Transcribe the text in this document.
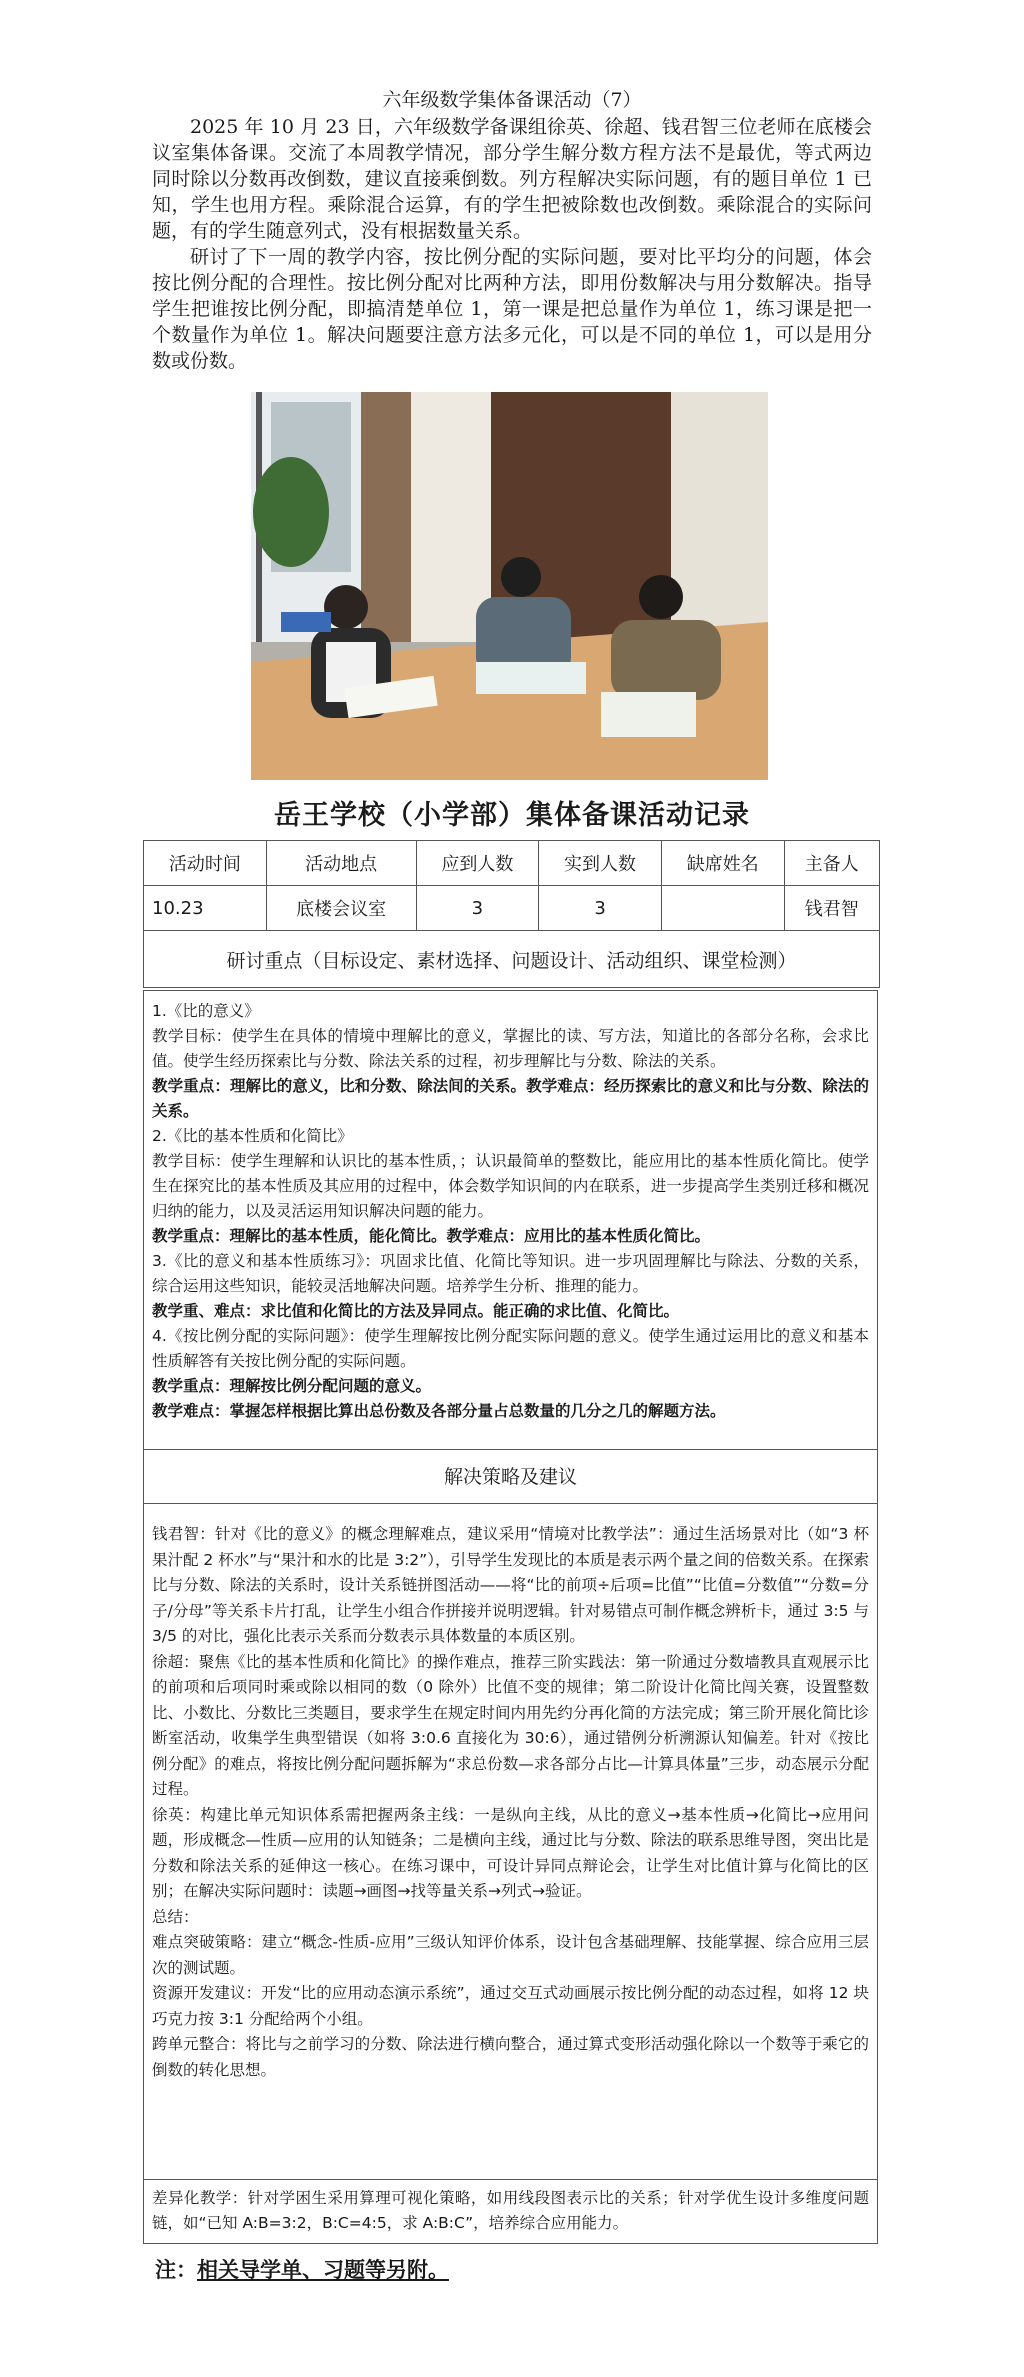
六年级数学集体备课活动（7）

2025 年 10 月 23 日，六年级数学备课组徐英、徐超、钱君智三位老师在底楼会议室集体备课。交流了本周教学情况，部分学生解分数方程方法不是最优，等式两边同时除以分数再改倒数，建议直接乘倒数。列方程解决实际问题，有的题目单位 1 已知，学生也用方程。乘除混合运算，有的学生把被除数也改倒数。乘除混合的实际问题，有的学生随意列式，没有根据数量关系。

研讨了下一周的教学内容，按比例分配的实际问题，要对比平均分的问题，体会按比例分配的合理性。按比例分配对比两种方法，即用份数解决与用分数解决。指导学生把谁按比例分配，即搞清楚单位 1，第一课是把总量作为单位 1，练习课是把一个数量作为单位 1。解决问题要注意方法多元化，可以是不同的单位 1，可以是用分数或份数。

岳王学校（小学部）集体备课活动记录
活动时间	活动地点	应到人数	实到人数	缺席姓名	主备人
10.23	底楼会议室	3	3		钱君智
研讨重点（目标设定、素材选择、问题设计、活动组织、课堂检测）					

1.《比的意义》

教学目标：使学生在具体的情境中理解比的意义，掌握比的读、写方法，知道比的各部分名称，会求比值。使学生经历探索比与分数、除法关系的过程，初步理解比与分数、除法的关系。

教学重点：理解比的意义，比和分数、除法间的关系。教学难点：经历探索比的意义和比与分数、除法的关系。

2.《比的基本性质和化简比》

教学目标：使学生理解和认识比的基本性质，；认识最简单的整数比，能应用比的基本性质化简比。使学生在探究比的基本性质及其应用的过程中，体会数学知识间的内在联系，进一步提高学生类别迁移和概况归纳的能力，以及灵活运用知识解决问题的能力。

教学重点：理解比的基本性质，能化简比。教学难点：应用比的基本性质化简比。

3.《比的意义和基本性质练习》：巩固求比值、化简比等知识。进一步巩固理解比与除法、分数的关系，综合运用这些知识，能较灵活地解决问题。培养学生分析、推理的能力。

教学重、难点：求比值和化简比的方法及异同点。能正确的求比值、化简比。

4.《按比例分配的实际问题》：使学生理解按比例分配实际问题的意义。使学生通过运用比的意义和基本性质解答有关按比例分配的实际问题。

教学重点：理解按比例分配问题的意义。

教学难点：掌握怎样根据比算出总份数及各部分量占总数量的几分之几的解题方法。

解决策略及建议

钱君智：针对《比的意义》的概念理解难点，建议采用“情境对比教学法”：通过生活场景对比（如“3 杯果汁配 2 杯水”与“果汁和水的比是 3:2”），引导学生发现比的本质是表示两个量之间的倍数关系。在探索比与分数、除法的关系时，设计关系链拼图活动——将“比的前项÷后项=比值”“比值=分数值”“分数=分子/分母”等关系卡片打乱，让学生小组合作拼接并说明逻辑。针对易错点可制作概念辨析卡，通过 3:5 与 3/5 的对比，强化比表示关系而分数表示具体数量的本质区别。

徐超：聚焦《比的基本性质和化简比》的操作难点，推荐三阶实践法：第一阶通过分数墙教具直观展示比的前项和后项同时乘或除以相同的数（0 除外）比值不变的规律；第二阶设计化简比闯关赛，设置整数比、小数比、分数比三类题目，要求学生在规定时间内用先约分再化简的方法完成；第三阶开展化简比诊断室活动，收集学生典型错误（如将 3:0.6 直接化为 30:6），通过错例分析溯源认知偏差。针对《按比例分配》的难点，将按比例分配问题拆解为“求总份数—求各部分占比—计算具体量”三步，动态展示分配过程。

徐英：构建比单元知识体系需把握两条主线：一是纵向主线，从比的意义→基本性质→化简比→应用问题，形成概念—性质—应用的认知链条；二是横向主线，通过比与分数、除法的联系思维导图，突出比是分数和除法关系的延伸这一核心。在练习课中，可设计异同点辩论会，让学生对比值计算与化简比的区别；在解决实际问题时：读题→画图→找等量关系→列式→验证。

总结：

难点突破策略：建立“概念-性质-应用”三级认知评价体系，设计包含基础理解、技能掌握、综合应用三层次的测试题。

资源开发建议：开发“比的应用动态演示系统”，通过交互式动画展示按比例分配的动态过程，如将 12 块巧克力按 3:1 分配给两个小组。

跨单元整合：将比与之前学习的分数、除法进行横向整合，通过算式变形活动强化除以一个数等于乘它的倒数的转化思想。

差异化教学：针对学困生采用算理可视化策略，如用线段图表示比的关系；针对学优生设计多维度问题链，如“已知 A:B=3:2，B:C=4:5，求 A:B:C”，培养综合应用能力。

注：相关导学单、习题等另附。
